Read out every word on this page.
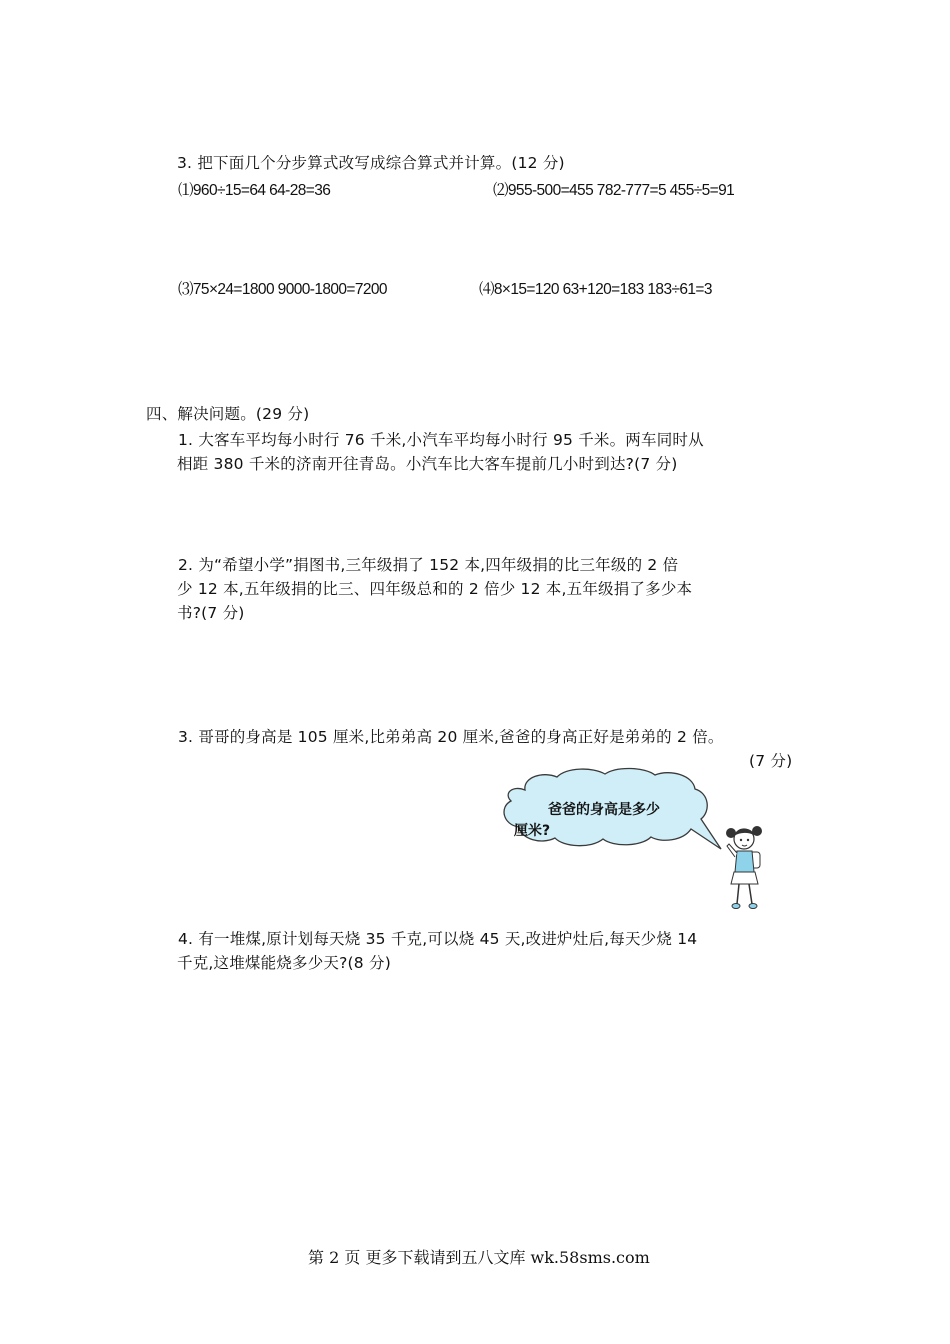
3. 把下面几个分步算式改写成综合算式并计算。(12 分)
⑴960÷15=64 64-28=36	⑵955-500=455 782-777=5 455÷5=91
⑶75×24=1800 9000-1800=7200	⑷8×15=120 63+120=183 183÷61=3
四、解决问题。(29 分)
1. 大客车平均每小时行 76 千米,小汽车平均每小时行 95 千米。两车同时从
相距 380 千米的济南开往青岛。小汽车比大客车提前几小时到达?(7 分)
2. 为“希望小学”捐图书,三年级捐了 152 本,四年级捐的比三年级的 2 倍
少 12 本,五年级捐的比三、四年级总和的 2 倍少 12 本,五年级捐了多少本
书?(7 分)
3. 哥哥的身高是 105 厘米,比弟弟高 20 厘米,爸爸的身高正好是弟弟的 2 倍。
(7 分)
爸爸的身高是多少
厘米?
4. 有一堆煤,原计划每天烧 35 千克,可以烧 45 天,改进炉灶后,每天少烧 14
千克,这堆煤能烧多少天?(8 分)
第 2 页 更多下载请到五八文库 wk.58sms.com
